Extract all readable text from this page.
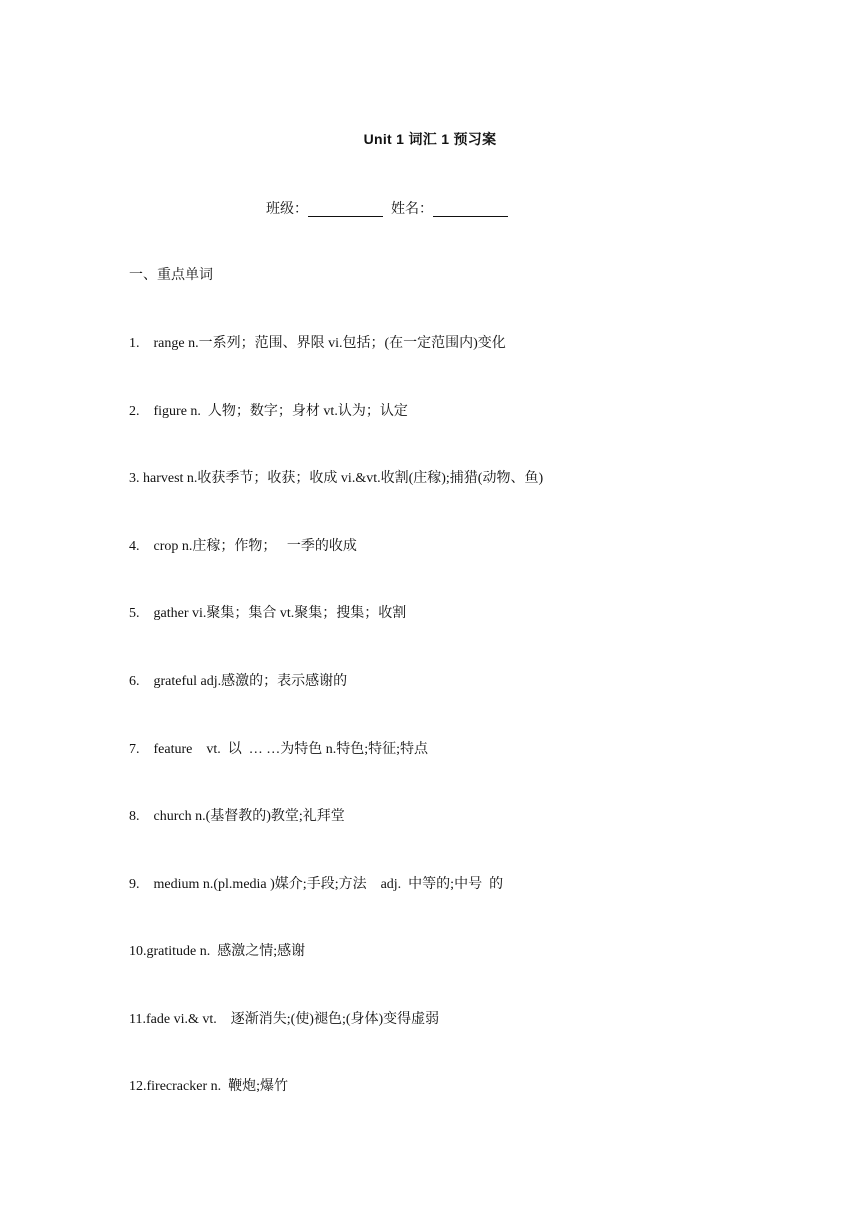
Unit 1 词汇 1 预习案
班级：	姓名：
一、重点单词
1.    range n.一系列；范围、界限 vi.包括；(在一定范围内)变化
2.    figure n.  人物；数字；身材 vt.认为；认定
3. harvest n.收获季节；收获；收成 vi.&vt.收割(庄稼);捕猎(动物、鱼)
4.    crop n.庄稼；作物；   一季的收成
5.    gather vi.聚集；集合 vt.聚集；搜集；收割
6.    grateful adj.感激的；表示感谢的
7.    feature    vt.  以  … …为特色 n.特色;特征;特点
8.    church n.(基督教的)教堂;礼拜堂
9.    medium n.(pl.media )媒介;手段;方法    adj.  中等的;中号  的
10.gratitude n.  感激之情;感谢
11.fade vi.& vt.    逐渐消失;(使)褪色;(身体)变得虚弱
12.firecracker n.  鞭炮;爆竹
